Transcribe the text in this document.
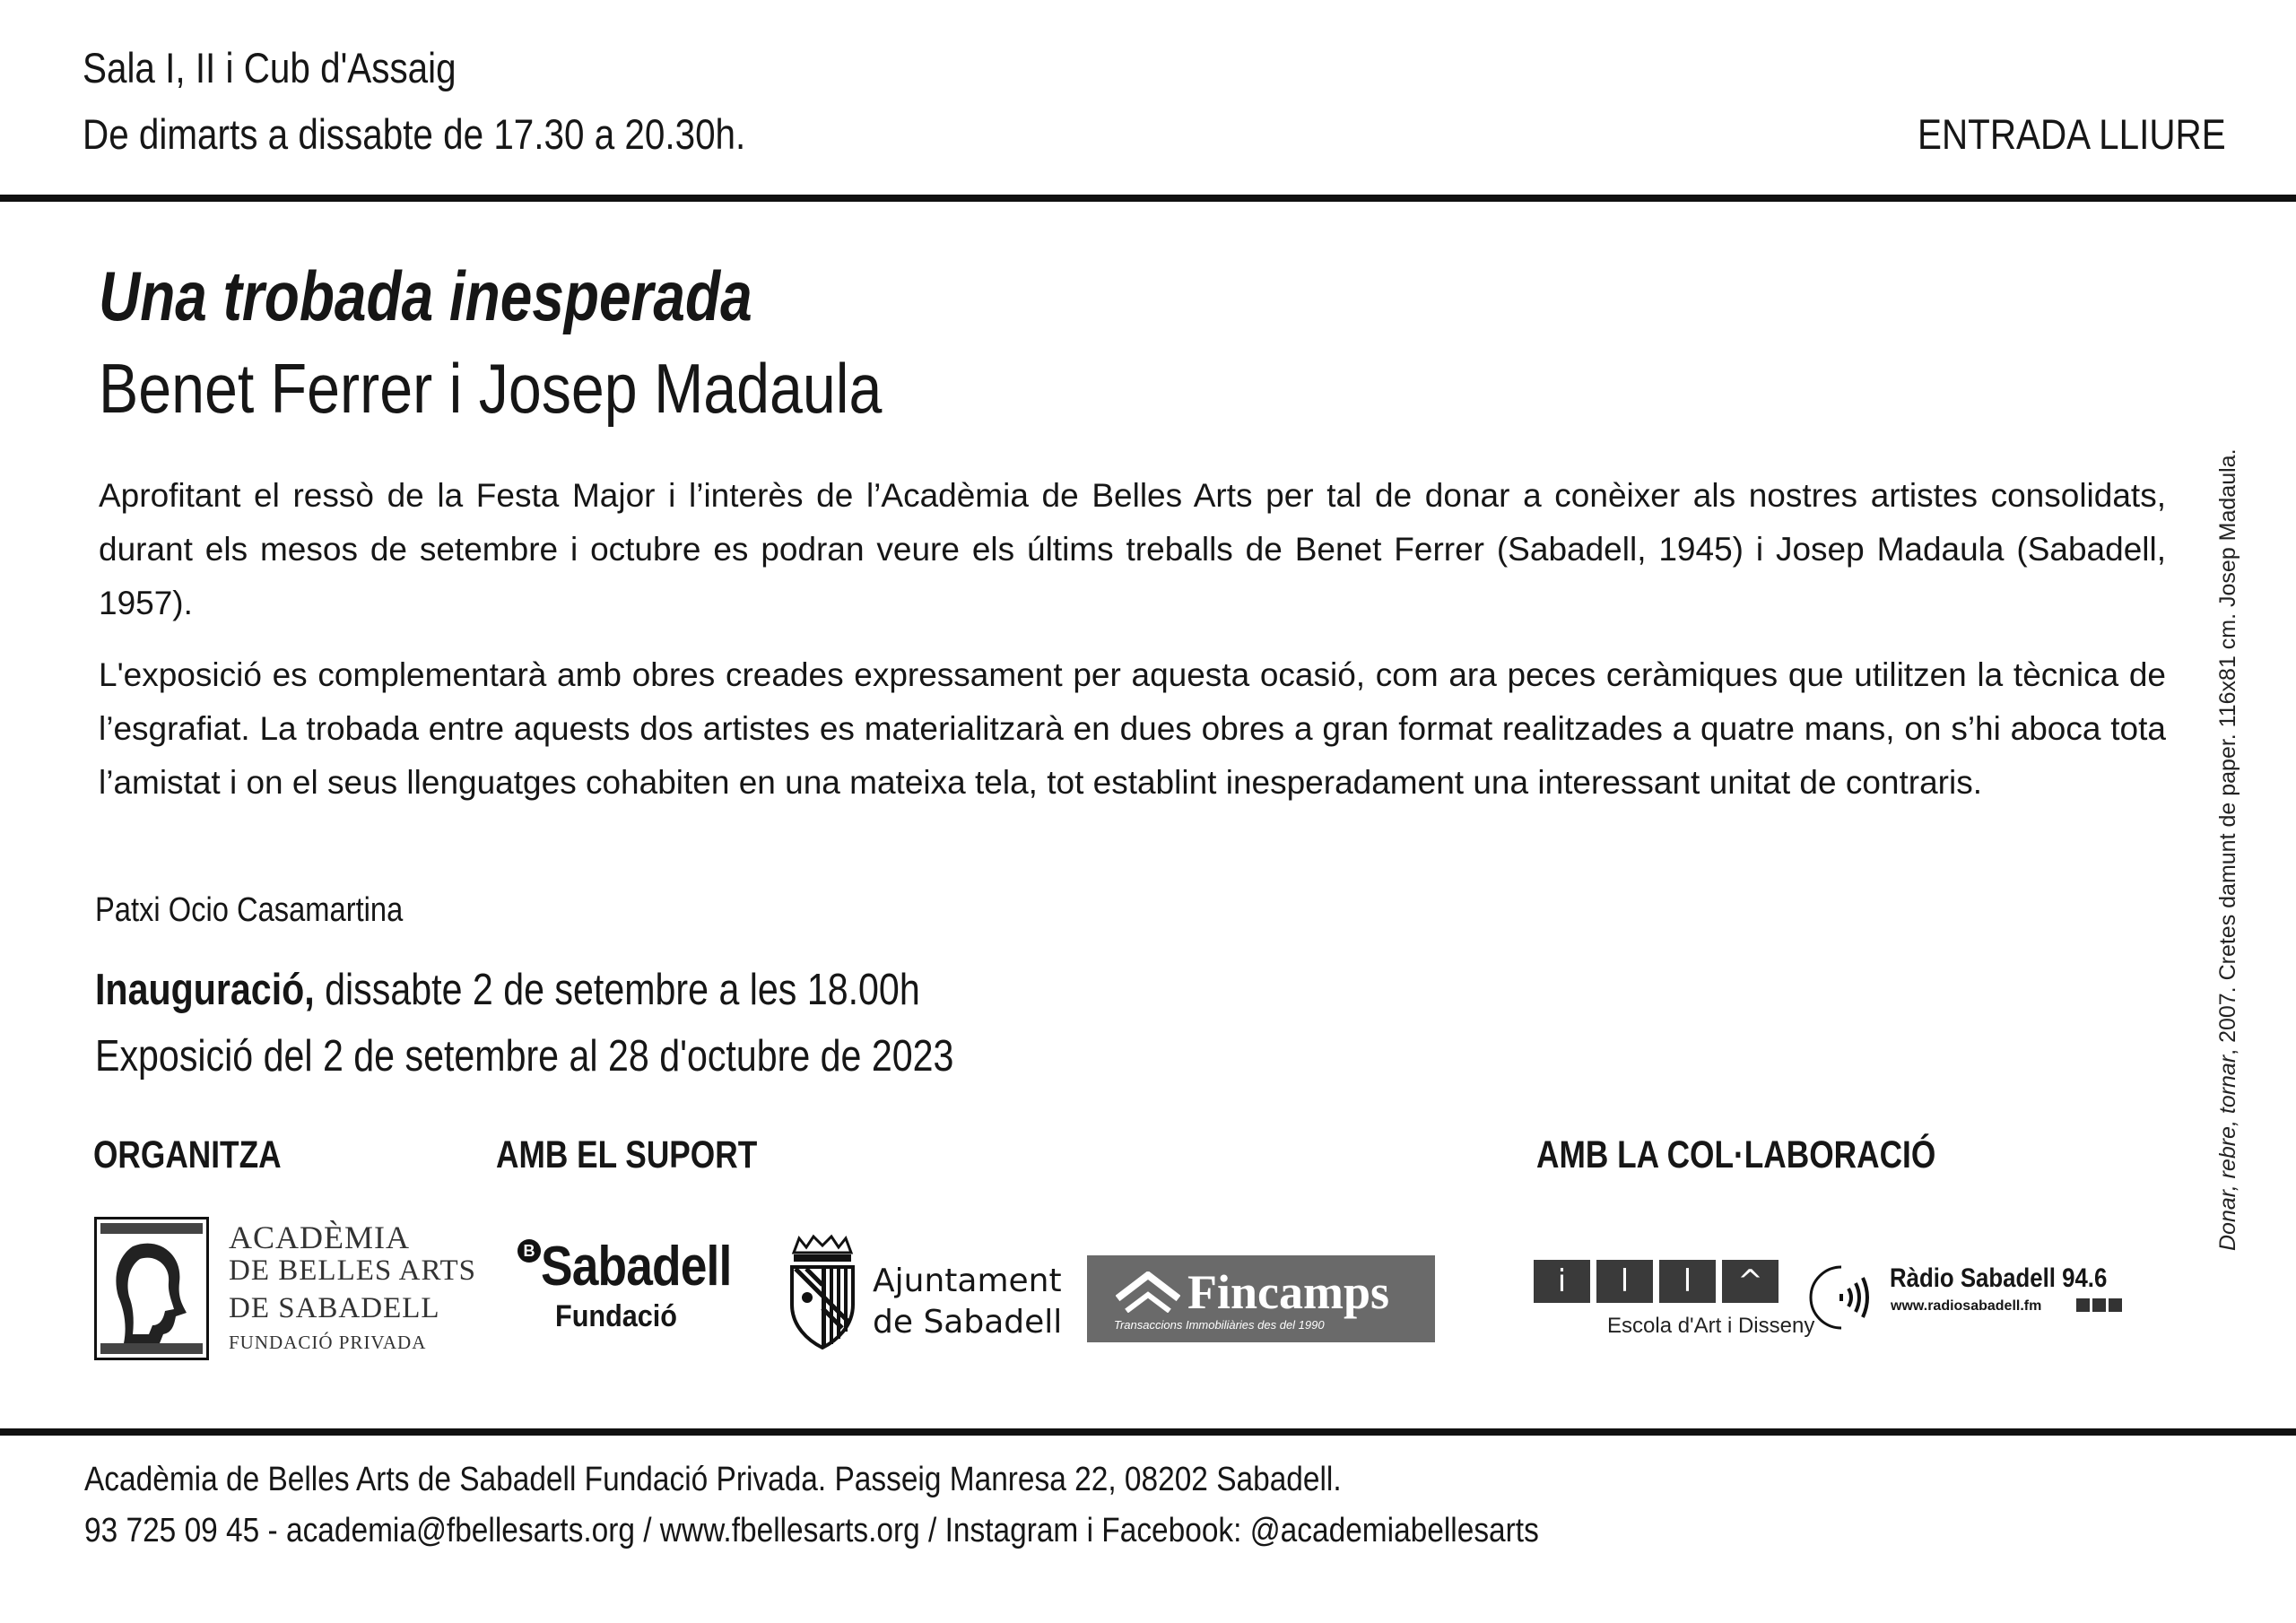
Sala I, II i Cub d'Assaig
De dimarts a dissabte de 17.30 a 20.30h.	ENTRADA LLIURE
Una trobada inesperada
Benet Ferrer i Josep Madaula

Aprofitant el ressò de la Festa Major i l’interès de l’Acadèmia de Belles Arts per tal de donar a conèixer als nostres artistes consolidats, durant els mesos de setembre i octubre es podran veure els últims treballs de Benet Ferrer (Sabadell, 1945) i Josep Madaula (Sabadell, 1957).

L'exposició es complementarà amb obres creades expressament per aquesta ocasió, com ara peces ceràmiques que utilitzen la tècnica de l’esgrafiat. La trobada entre aquests dos artistes es materialitzarà en dues obres a gran format realitzades a quatre mans, on s’hi aboca tota l’amistat i on el seus llenguatges cohabiten en una mateixa tela, tot establint inesperadament una interessant unitat de contraris.

Patxi Ocio Casamartina
Inauguració, dissabte 2 de setembre a les 18.00h
Exposició del 2 de setembre al 28 d'octubre de 2023	Donar, rebre, tornar, 2007. Cretes damunt de paper. 116x81 cm. Josep Madaula.
ORGANITZA	AMB EL SUPORT	AMB LA COL·LABORACIÓ
ACADÈMIA
DE BELLES ARTS
DE SABADELL
FUNDACIÓ PRIVADA
B Sabadell
Fundació
Ajuntament
de Sabadell
Fincamps
Transaccions Immobiliàries des del 1990
i	l	l	^
Escola d'Art i Disseny
Ràdio Sabadell 94.6
www.radiosabadell.fm
Acadèmia de Belles Arts de Sabadell Fundació Privada. Passeig Manresa 22, 08202 Sabadell.
93 725 09 45 - academia@fbellesarts.org / www.fbellesarts.org / Instagram i Facebook: @academiabellesarts
